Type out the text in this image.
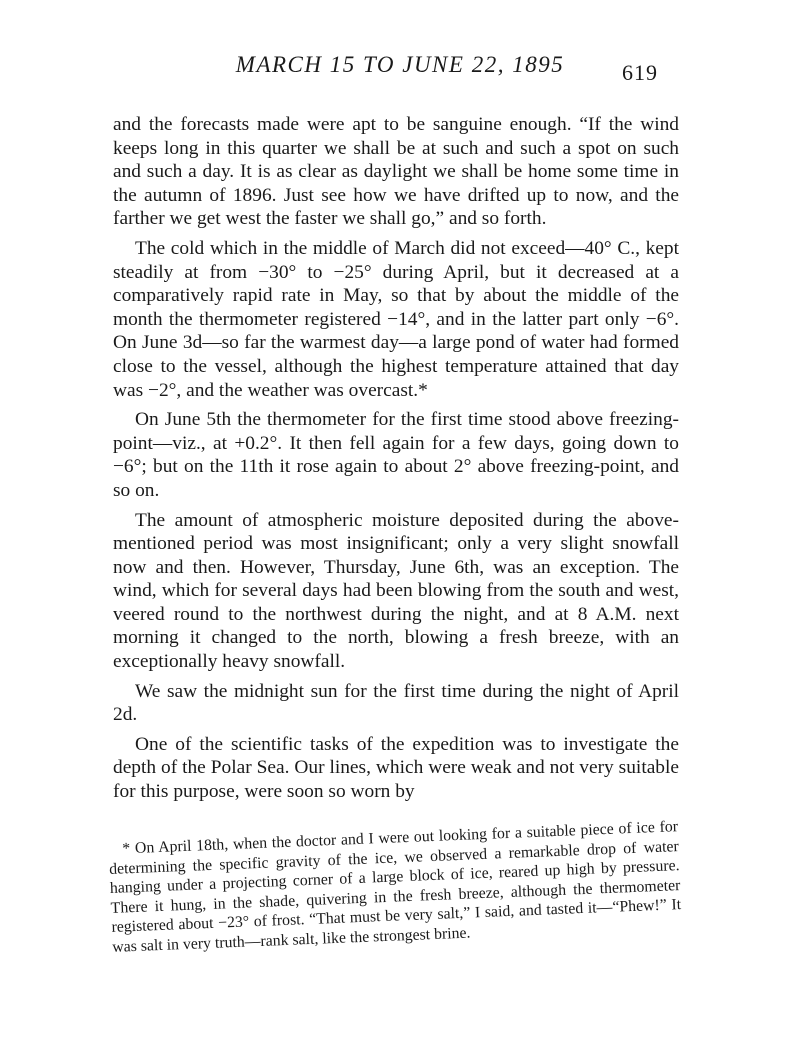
MARCH 15 TO JUNE 22, 1895	619

and the forecasts made were apt to be sanguine enough. “If the wind keeps long in this quarter we shall be at such and such a spot on such and such a day. It is as clear as daylight we shall be home some time in the autumn of 1896. Just see how we have drifted up to now, and the farther we get west the faster we shall go,” and so forth.

The cold which in the middle of March did not exceed—40° C., kept steadily at from −30° to −25° during April, but it decreased at a comparatively rapid rate in May, so that by about the middle of the month the thermometer registered −14°, and in the latter part only −6°. On June 3d—so far the warmest day—a large pond of water had formed close to the vessel, although the highest temperature attained that day was −2°, and the weather was overcast.*

On June 5th the thermometer for the first time stood above freezing-point—viz., at +0.2°. It then fell again for a few days, going down to −6°; but on the 11th it rose again to about 2° above freezing-point, and so on.

The amount of atmospheric moisture deposited during the above-mentioned period was most insignificant; only a very slight snowfall now and then. However, Thursday, June 6th, was an exception. The wind, which for several days had been blowing from the south and west, veered round to the northwest during the night, and at 8 A.M. next morning it changed to the north, blowing a fresh breeze, with an exceptionally heavy snowfall.

We saw the midnight sun for the first time during the night of April 2d.

One of the scientific tasks of the expedition was to investigate the depth of the Polar Sea. Our lines, which were weak and not very suitable for this purpose, were soon so worn by

* On April 18th, when the doctor and I were out looking for a suitable piece of ice for determining the specific gravity of the ice, we observed a remarkable drop of water hanging under a projecting corner of a large block of ice, reared up high by pressure. There it hung, in the shade, quivering in the fresh breeze, although the thermometer registered about −23° of frost. “That must be very salt,” I said, and tasted it—“Phew!” It was salt in very truth—rank salt, like the strongest brine.
